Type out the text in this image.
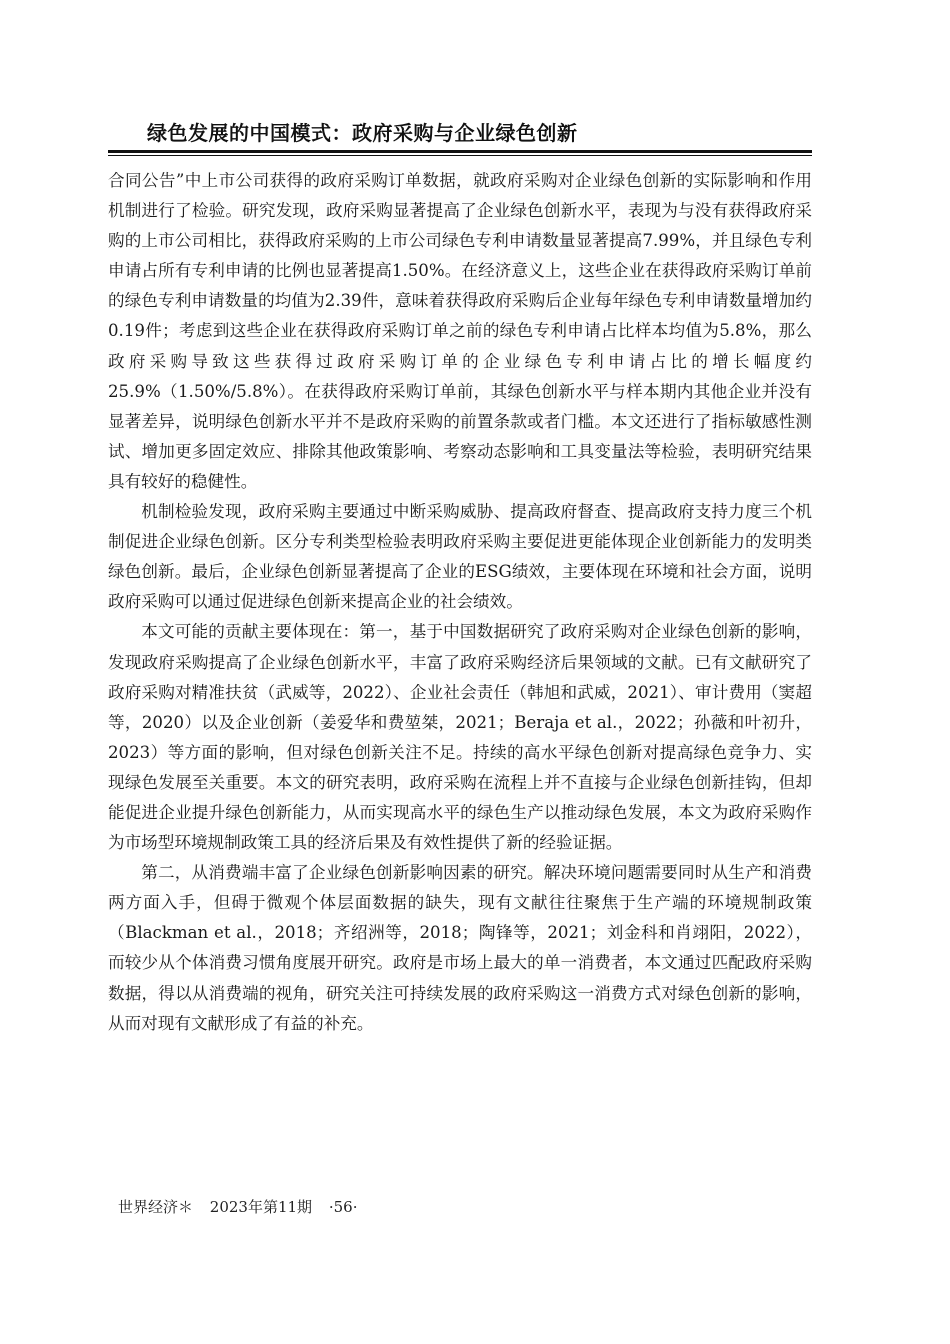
绿色发展的中国模式：政府采购与企业绿色创新

合同公告”中上市公司获得的政府采购订单数据，就政府采购对企业绿色创新的实际影响和作用机制进行了检验。研究发现，政府采购显著提高了企业绿色创新水平，表现为与没有获得政府采购的上市公司相比，获得政府采购的上市公司绿色专利申请数量显著提高7.99%，并且绿色专利申请占所有专利申请的比例也显著提高1.50%。在经济意义上，这些企业在获得政府采购订单前的绿色专利申请数量的均值为2.39件，意味着获得政府采购后企业每年绿色专利申请数量增加约0.19件；考虑到这些企业在获得政府采购订单之前的绿色专利申请占比样本均值为5.8%，那么政府采购导致这些获得过政府采购订单的企业绿色专利申请占比的增长幅度约25.9%（1.50%/5.8%）。在获得政府采购订单前，其绿色创新水平与样本期内其他企业并没有显著差异，说明绿色创新水平并不是政府采购的前置条款或者门槛。本文还进行了指标敏感性测试、增加更多固定效应、排除其他政策影响、考察动态影响和工具变量法等检验，表明研究结果具有较好的稳健性。

机制检验发现，政府采购主要通过中断采购威胁、提高政府督查、提高政府支持力度三个机制促进企业绿色创新。区分专利类型检验表明政府采购主要促进更能体现企业创新能力的发明类绿色创新。最后，企业绿色创新显著提高了企业的ESG绩效，主要体现在环境和社会方面，说明政府采购可以通过促进绿色创新来提高企业的社会绩效。

本文可能的贡献主要体现在：第一，基于中国数据研究了政府采购对企业绿色创新的影响，发现政府采购提高了企业绿色创新水平，丰富了政府采购经济后果领域的文献。已有文献研究了政府采购对精准扶贫（武威等，2022）、企业社会责任（韩旭和武威，2021）、审计费用（窦超等，2020）以及企业创新（姜爱华和费堃桀，2021；Beraja et al.，2022；孙薇和叶初升，2023）等方面的影响，但对绿色创新关注不足。持续的高水平绿色创新对提高绿色竞争力、实现绿色发展至关重要。本文的研究表明，政府采购在流程上并不直接与企业绿色创新挂钩，但却能促进企业提升绿色创新能力，从而实现高水平的绿色生产以推动绿色发展，本文为政府采购作为市场型环境规制政策工具的经济后果及有效性提供了新的经验证据。

第二，从消费端丰富了企业绿色创新影响因素的研究。解决环境问题需要同时从生产和消费两方面入手，但碍于微观个体层面数据的缺失，现有文献往往聚焦于生产端的环境规制政策（Blackman et al.，2018；齐绍洲等，2018；陶锋等，2021；刘金科和肖翊阳，2022），而较少从个体消费习惯角度展开研究。政府是市场上最大的单一消费者，本文通过匹配政府采购数据，得以从消费端的视角，研究关注可持续发展的政府采购这一消费方式对绿色创新的影响，从而对现有文献形成了有益的补充。

世界经济＊ 2023年第11期 ·56·
